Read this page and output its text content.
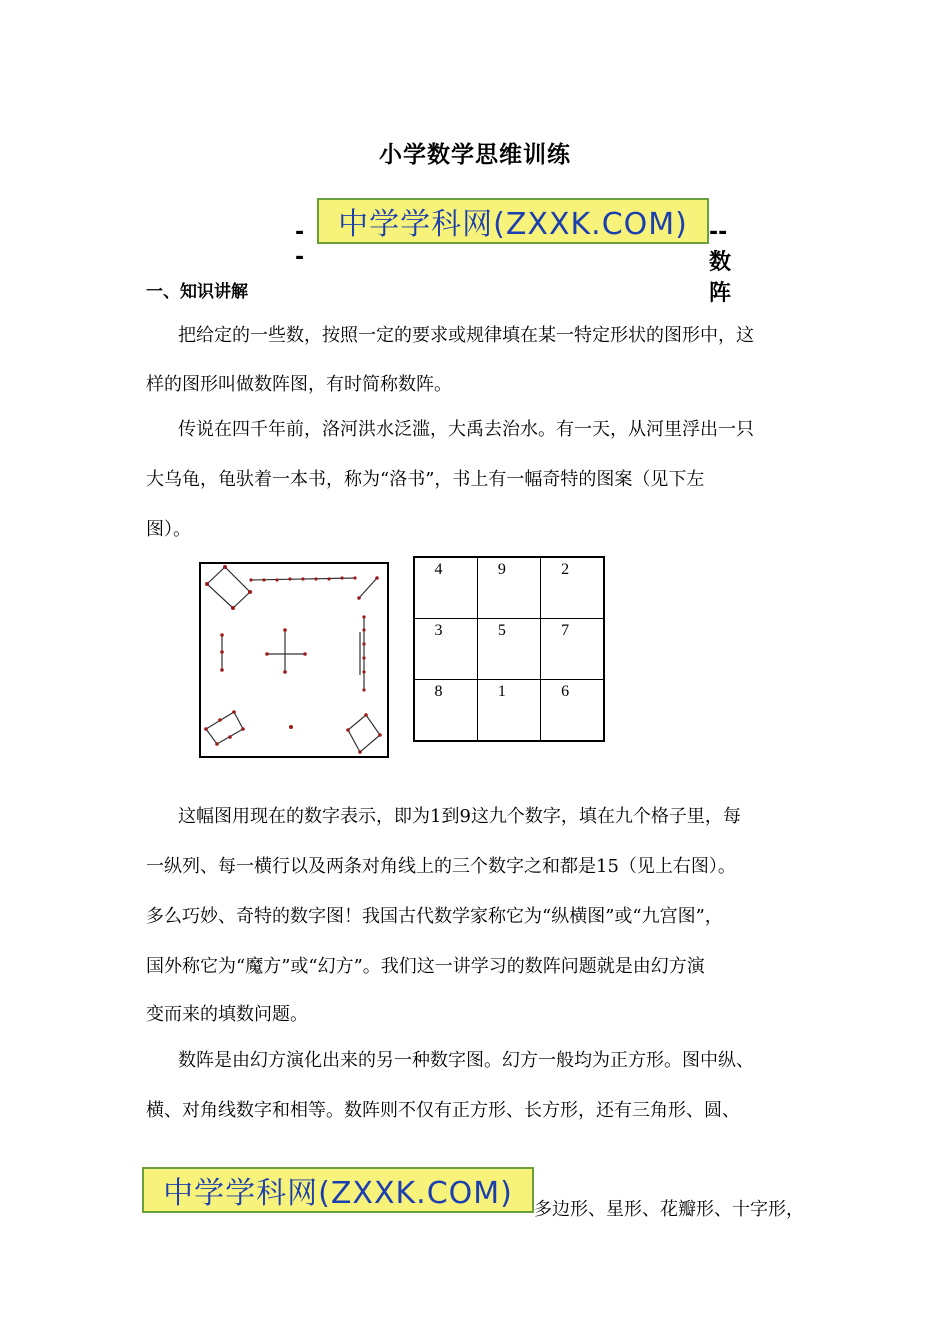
小学数学思维训练
--
中学学科网(ZXXK.COM) --数阵
一、知识讲解
把给定的一些数，按照一定的要求或规律填在某一特定形状的图形中，这
样的图形叫做数阵图，有时简称数阵。
传说在四千年前，洛河洪水泛滥，大禹去治水。有一天，从河里浮出一只
大乌龟，龟驮着一本书，称为“洛书”，书上有一幅奇特的图案（见下左
图）。
4	9	2
3	5	7
8	1	6
这幅图用现在的数字表示，即为1到9这九个数字，填在九个格子里，每
一纵列、每一横行以及两条对角线上的三个数字之和都是15（见上右图）。
多么巧妙、奇特的数字图！我国古代数学家称它为“纵横图”或“九宫图”，
国外称它为“魔方”或“幻方”。我们这一讲学习的数阵问题就是由幻方演
变而来的填数问题。
数阵是由幻方演化出来的另一种数字图。幻方一般均为正方形。图中纵、
横、对角线数字和相等。数阵则不仅有正方形、长方形，还有三角形、圆、
中学学科网(ZXXK.COM)	多边形、星形、花瓣形、十字形，
